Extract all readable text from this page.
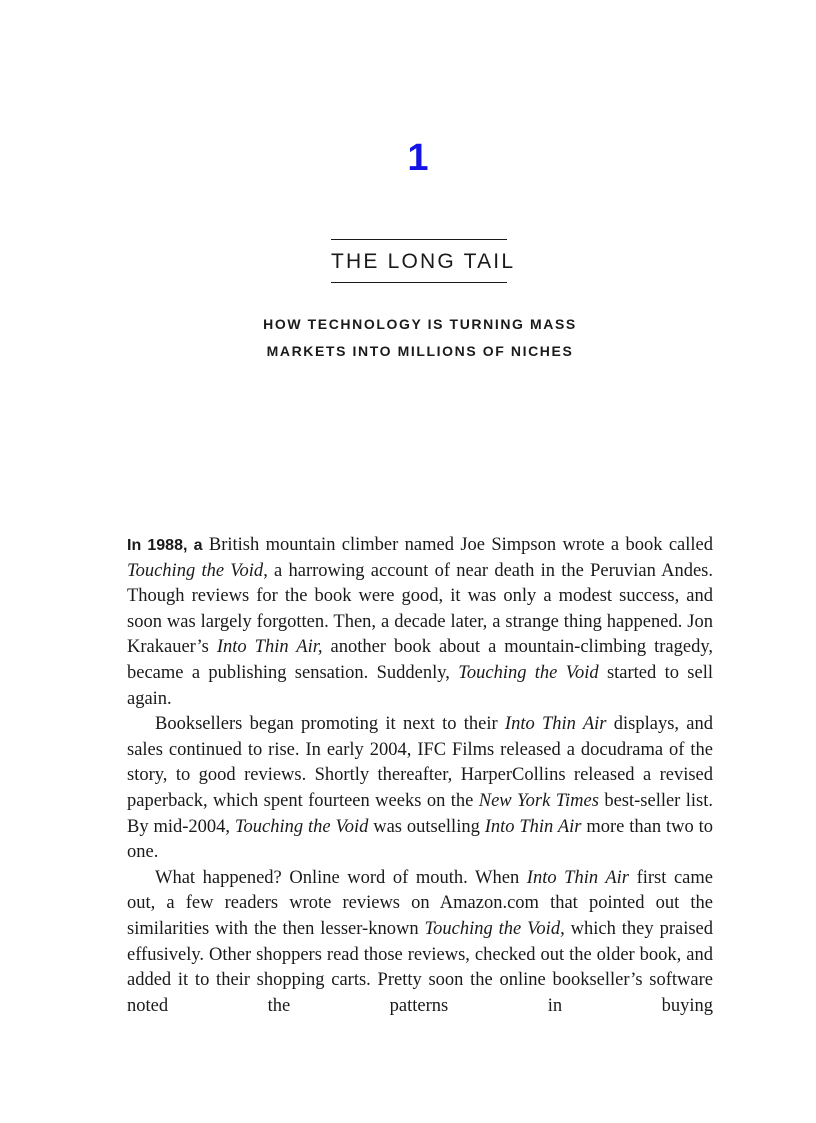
1
THE LONG TAIL
HOW TECHNOLOGY IS TURNING MASS
MARKETS INTO MILLIONS OF NICHES

In 1988, a British mountain climber named Joe Simpson wrote a book called Touching the Void, a harrowing account of near death in the Peruvian Andes. Though reviews for the book were good, it was only a modest success, and soon was largely forgotten. Then, a decade later, a strange thing happened. Jon Krakauer’s Into Thin Air, another book about a mountain-climbing tragedy, became a publishing sensation. Suddenly, Touching the Void started to sell again.

Booksellers began promoting it next to their Into Thin Air displays, and sales continued to rise. In early 2004, IFC Films released a docudrama of the story, to good reviews. Shortly thereafter, HarperCollins released a revised paperback, which spent fourteen weeks on the New York Times best-seller list. By mid-2004, Touching the Void was outselling Into Thin Air more than two to one.

What happened? Online word of mouth. When Into Thin Air first came out, a few readers wrote reviews on Amazon.com that pointed out the similarities with the then lesser-known Touching the Void, which they praised effusively. Other shoppers read those reviews, checked out the older book, and added it to their shopping carts. Pretty soon the online bookseller’s software noted the patterns in buying
